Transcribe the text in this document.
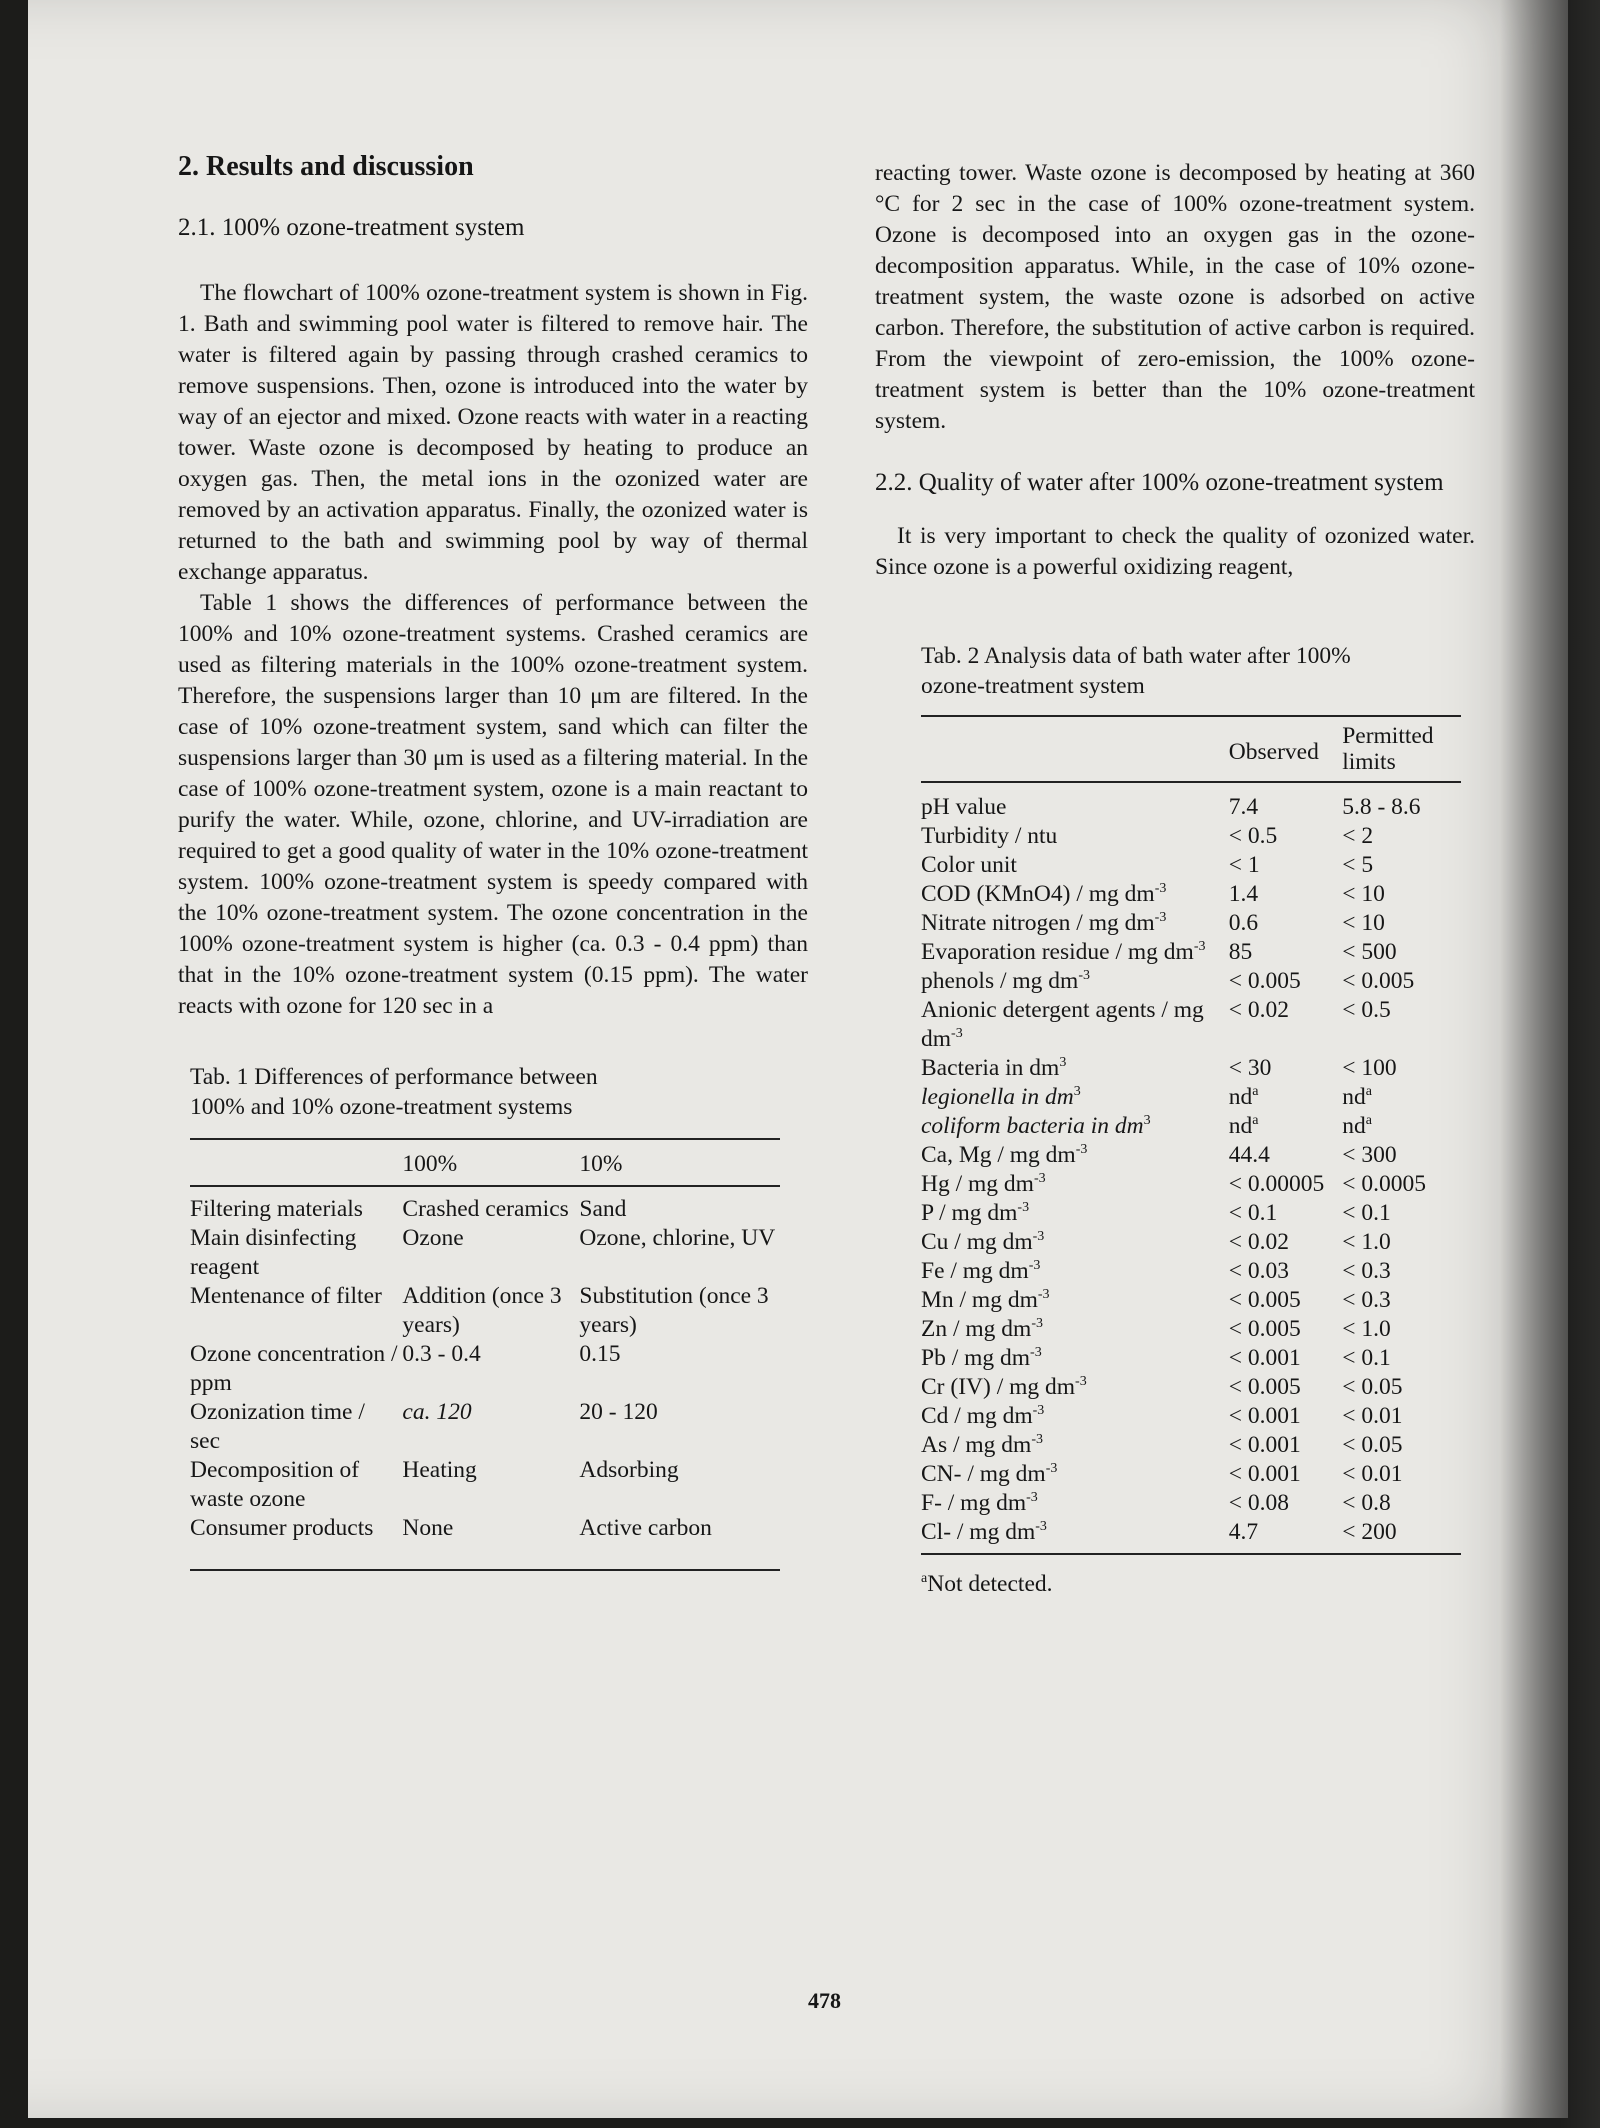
2. Results and discussion
2.1. 100% ozone-treatment system

The flowchart of 100% ozone-treatment system is shown in Fig. 1. Bath and swimming pool water is filtered to remove hair. The water is filtered again by passing through crashed ceramics to remove suspensions. Then, ozone is introduced into the water by way of an ejector and mixed. Ozone reacts with water in a reacting tower. Waste ozone is decomposed by heating to produce an oxygen gas. Then, the metal ions in the ozonized water are removed by an activation apparatus. Finally, the ozonized water is returned to the bath and swimming pool by way of thermal exchange apparatus.

Table 1 shows the differences of performance between the 100% and 10% ozone-treatment systems. Crashed ceramics are used as filtering materials in the 100% ozone-treatment system. Therefore, the suspensions larger than 10 μm are filtered. In the case of 10% ozone-treatment system, sand which can filter the suspensions larger than 30 μm is used as a filtering material. In the case of 100% ozone-treatment system, ozone is a main reactant to purify the water. While, ozone, chlorine, and UV-irradiation are required to get a good quality of water in the 10% ozone-treatment system. 100% ozone-treatment system is speedy compared with the 10% ozone-treatment system. The ozone concentration in the 100% ozone-treatment system is higher (ca. 0.3 - 0.4 ppm) than that in the 10% ozone-treatment system (0.15 ppm). The water reacts with ozone for 120 sec in a

Tab. 1 Differences of performance between

100% and 10% ozone-treatment systems

	100%	10%

Filtering materials	Crashed ceramics	Sand
Main disinfecting reagent	Ozone	Ozone, chlorine, UV
Mentenance of filter	Addition (once 3 years)	Substitution (once 3 years)
Ozone concentration / ppm	0.3 - 0.4	0.15
Ozonization time / sec	ca. 120	20 - 120
Decomposition of waste ozone	Heating	Adsorbing
Consumer products	None	Active carbon

reacting tower. Waste ozone is decomposed by heating at 360 °C for 2 sec in the case of 100% ozone-treatment system. Ozone is decomposed into an oxygen gas in the ozone-decomposition apparatus. While, in the case of 10% ozone-treatment system, the waste ozone is adsorbed on active carbon. Therefore, the substitution of active carbon is required. From the viewpoint of zero-emission, the 100% ozone-treatment system is better than the 10% ozone-treatment system.

2.2. Quality of water after 100% ozone-treatment system

It is very important to check the quality of ozonized water. Since ozone is a powerful oxidizing reagent,

Tab. 2 Analysis data of bath water after 100%

ozone-treatment system

	Observed	Permitted limits

pH value	7.4	5.8 - 8.6
Turbidity / ntu	< 0.5	< 2
Color unit	< 1	< 5
COD (KMnO4) / mg $dm^{-3}$	1.4	< 10
Nitrate nitrogen / mg $dm^{-3}$	0.6	< 10
Evaporation residue / mg $dm^{-3}$	85	< 500
phenols / mg $dm^{-3}$	< 0.005	< 0.005
Anionic detergent agents / mg $dm^{-3}$	< 0.02	< 0.5
Bacteria in $dm^3$	< 30	< 100
legionella in $dm^3$	$nd^a$	$nd^a$
coliform bacteria in $dm^3$	$nd^a$	$nd^a$
Ca, Mg / mg $dm^{-3}$	44.4	< 300
Hg / mg $dm^{-3}$	< 0.00005	< 0.0005
P / mg $dm^{-3}$	< 0.1	< 0.1
Cu / mg $dm^{-3}$	< 0.02	< 1.0
Fe / mg $dm^{-3}$	< 0.03	< 0.3
Mn / mg $dm^{-3}$	< 0.005	< 0.3
Zn / mg $dm^{-3}$	< 0.005	< 1.0
Pb / mg $dm^{-3}$	< 0.001	< 0.1
Cr (IV) / mg $dm^{-3}$	< 0.005	< 0.05
Cd / mg $dm^{-3}$	< 0.001	< 0.01
As / mg $dm^{-3}$	< 0.001	< 0.05
CN- / mg $dm^{-3}$	< 0.001	< 0.01
F- / mg $dm^{-3}$	< 0.08	< 0.8
Cl- / mg $dm^{-3}$	4.7	< 200

$^a$Not detected.

478
